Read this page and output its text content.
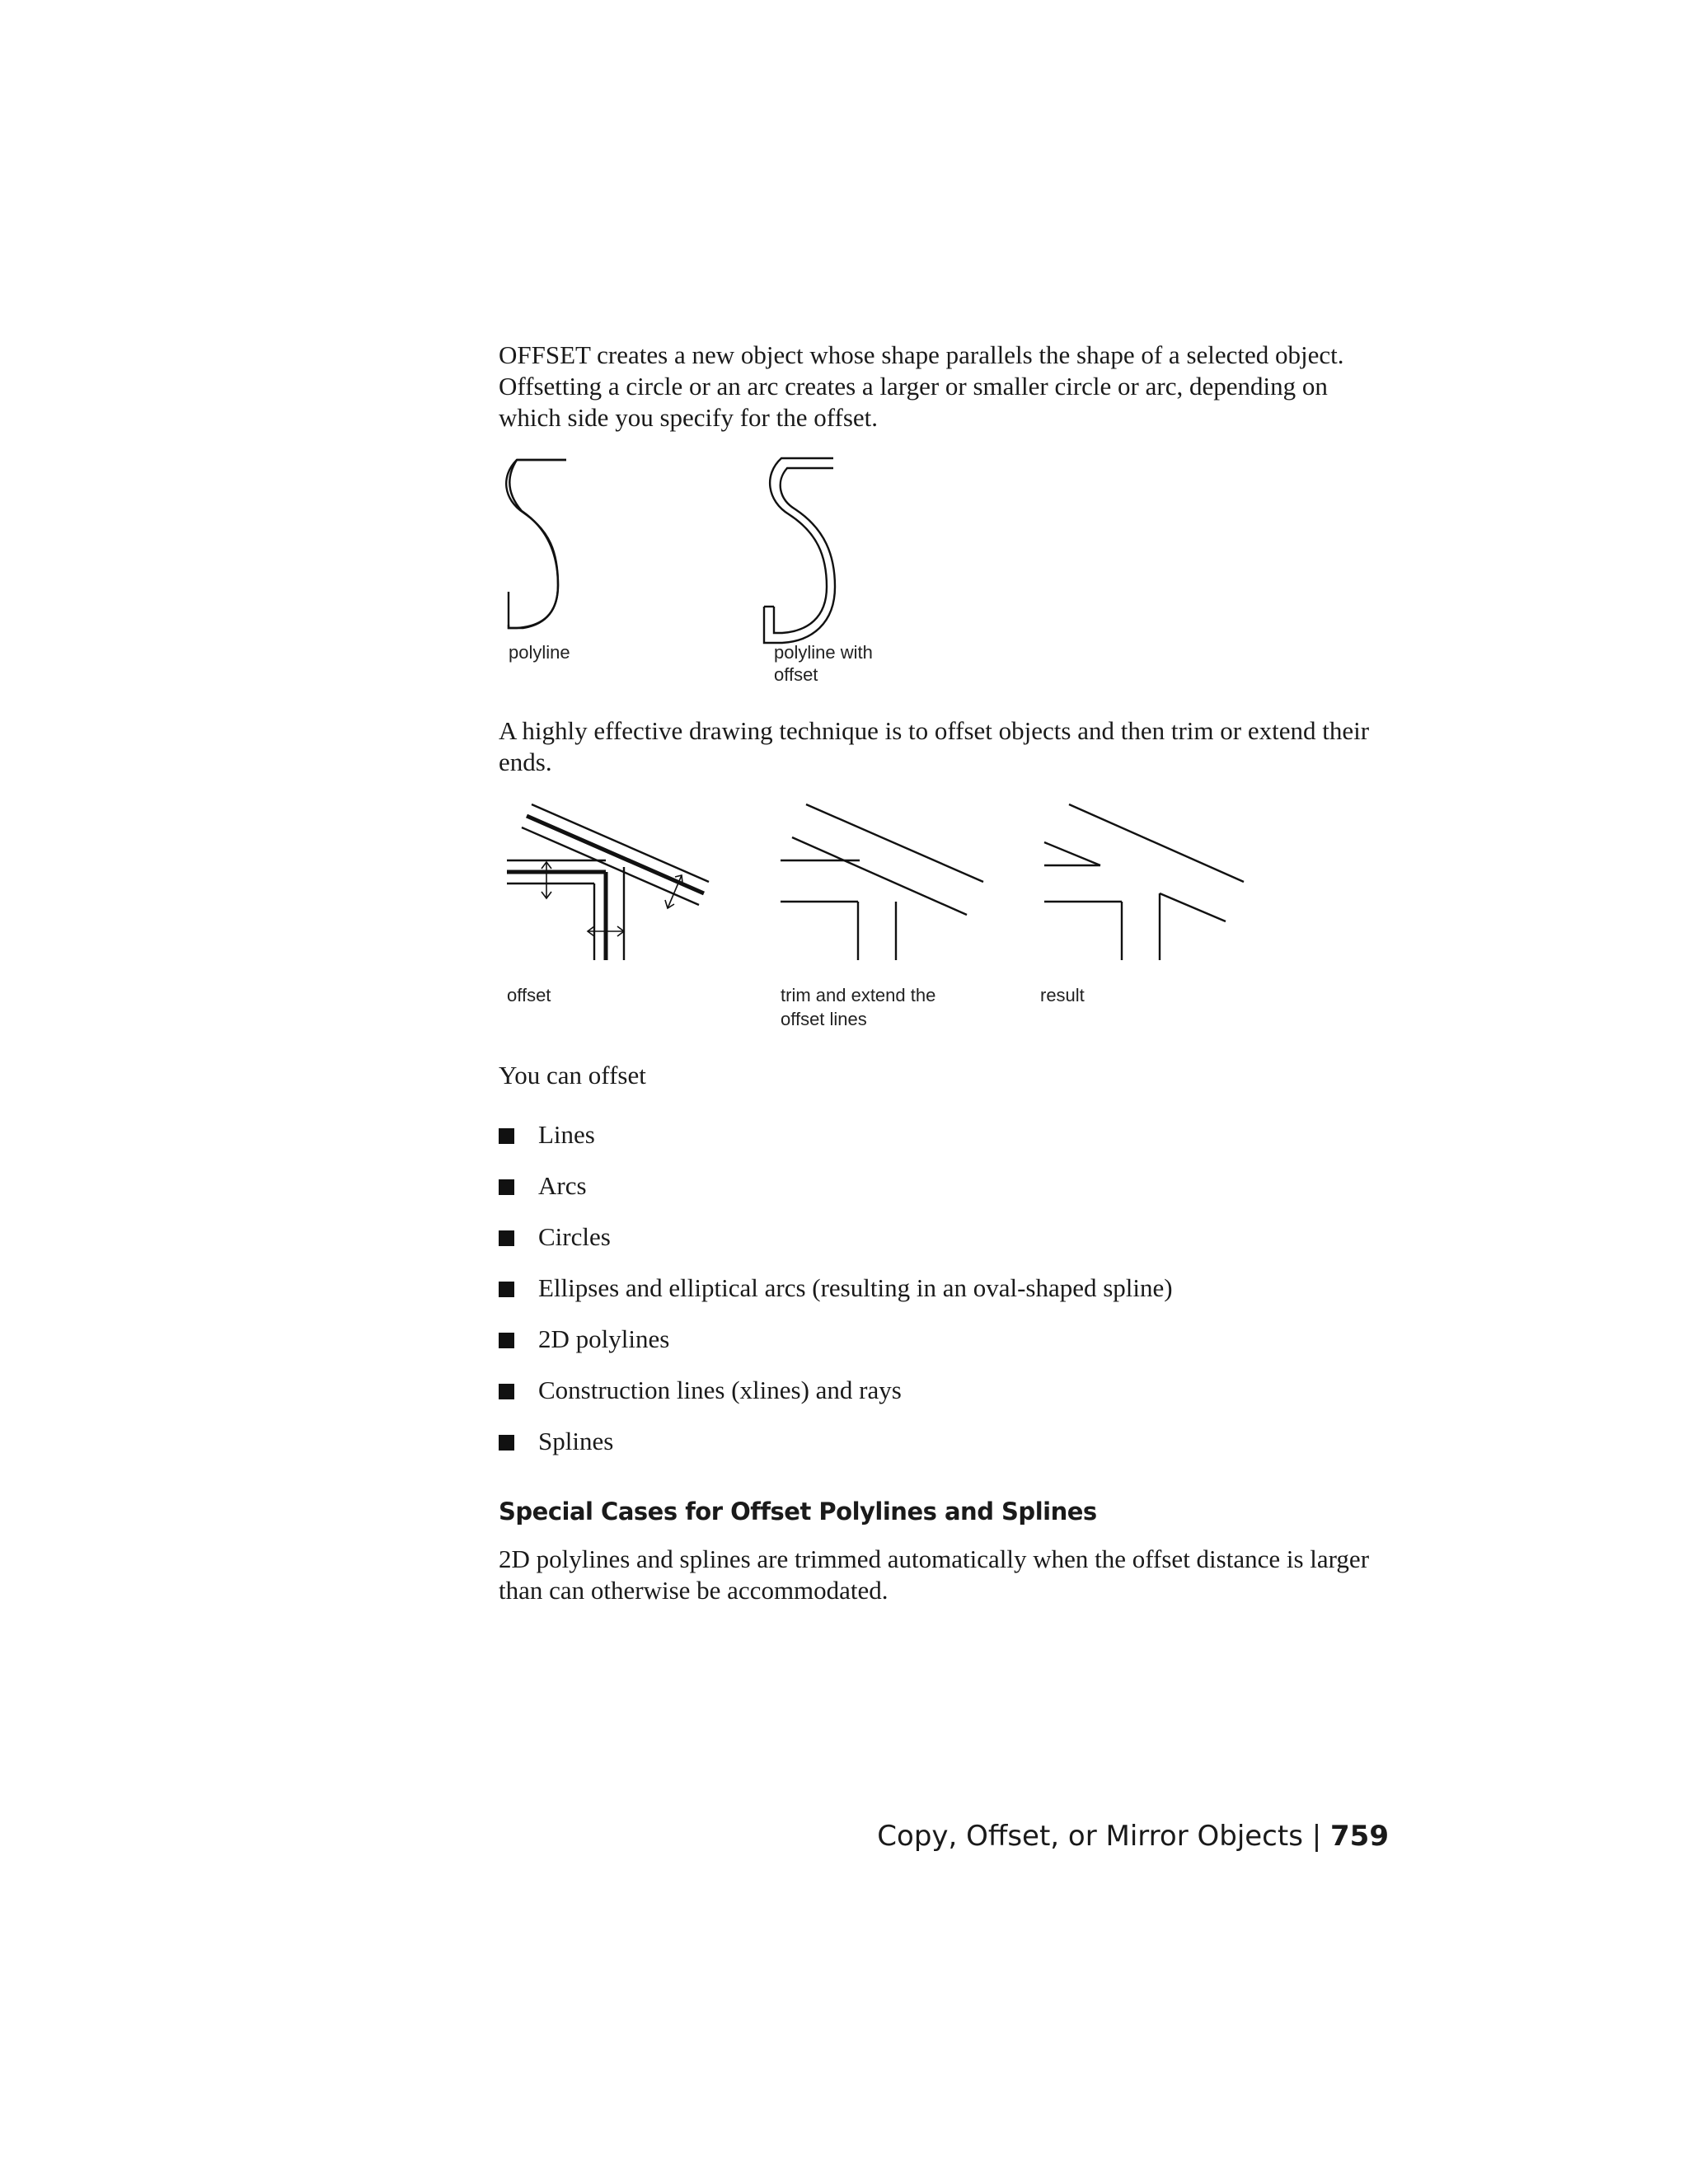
OFFSET creates a new object whose shape parallels the shape of a selected object. Offsetting a circle or an arc creates a larger or smaller circle or arc, depending on which side you specify for the offset.

polyline	polyline with
offset

A highly effective drawing technique is to offset objects and then trim or extend their ends.

offset	trim and extend the
offset lines
result

You can offset

Lines
Arcs
Circles
Ellipses and elliptical arcs (resulting in an oval-shaped spline)
2D polylines
Construction lines (xlines) and rays
Splines
Special Cases for Offset Polylines and Splines

2D polylines and splines are trimmed automatically when the offset distance is larger than can otherwise be accommodated.

Copy, Offset, or Mirror Objects | 759
